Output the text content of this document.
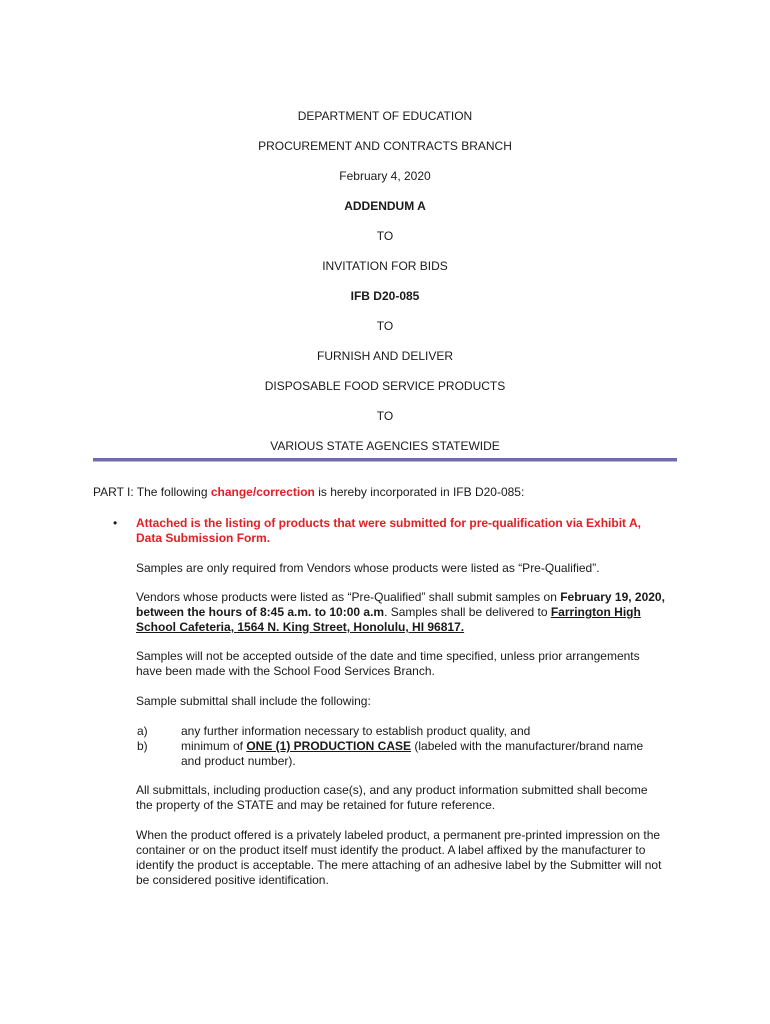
DEPARTMENT OF EDUCATION
PROCUREMENT AND CONTRACTS BRANCH
February 4, 2020
ADDENDUM A
TO
INVITATION FOR BIDS
IFB D20-085
TO
FURNISH AND DELIVER
DISPOSABLE FOOD SERVICE PRODUCTS
TO
VARIOUS STATE AGENCIES STATEWIDE
PART I: The following change/correction is hereby incorporated in IFB D20-085:
• Attached is the listing of products that were submitted for pre-qualification via Exhibit A,
Data Submission Form.
Samples are only required from Vendors whose products were listed as “Pre-Qualified”.
Vendors whose products were listed as “Pre-Qualified” shall submit samples on February 19, 2020,
between the hours of 8:45 a.m. to 10:00 a.m. Samples shall be delivered to Farrington High
School Cafeteria, 1564 N. King Street, Honolulu, HI 96817.
Samples will not be accepted outside of the date and time specified, unless prior arrangements
have been made with the School Food Services Branch.
Sample submittal shall include the following:
a)	any further information necessary to establish product quality, and
b)	minimum of ONE (1) PRODUCTION CASE (labeled with the manufacturer/brand name
and product number).
All submittals, including production case(s), and any product information submitted shall become
the property of the STATE and may be retained for future reference.
When the product offered is a privately labeled product, a permanent pre-printed impression on the
container or on the product itself must identify the product. A label affixed by the manufacturer to
identify the product is acceptable. The mere attaching of an adhesive label by the Submitter will not
be considered positive identification.
